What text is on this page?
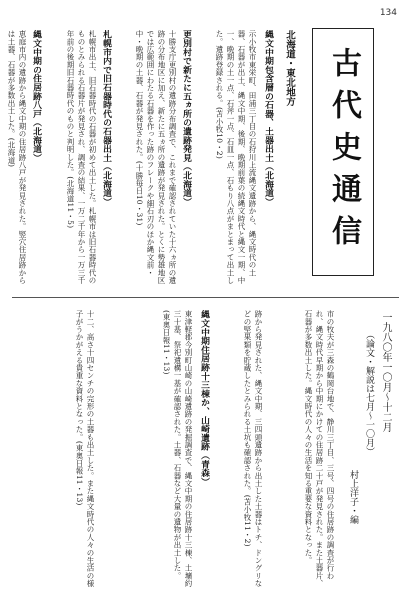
134
古代史通信
北海道・東北地方
縄文中期包含層の石器、土器出土（北海道）
示小牧市東栄町、田浦三丁目の石狩川上流縄文遺跡から、縄文時代の土器、石器が出土、縄文中期、後期、晩期前葉の続縄文時代と縄文一期、中一、晩期の土一点、石斧一点、石皿一点、石もり八点がまとまって出土した。遺跡登録される。(苫小牧10・2)
更別村で新たに五ヵ所の遺跡発見（北海道）
十勝支庁更別村の遺跡分布調査で、これまで確認されていた十六ヵ所の遺跡の分布地区に加え、新たに五ヵ所の遺跡が発見された。とくに勢雄地区では広範囲にわたる石器を作った跡のフレークや細石刃のほか縄文前・中・晩期の土器、石器が発見された。(十勝毎日10・31)
札幌市内で旧石器時代の石器出土（北海道）
札幌市出土、旧石器時代の石器が初めて出土した。札幌市は旧石器時代のものとみられる石器片が発見され、調査の結果、一万二千年から一万三千年前の後期旧石器時代のものと判明した。(北海道11・5)
縄文中期の住居跡八戸（北海道）
恵庭市内の遺跡から縄文中期の住居跡八戸が発見された。竪穴住居跡からは土器、石器が多数出土した。(北海道)
一九八〇年一〇月〜十二月
（論文・解説は七月〜一〇月）
村上洋子・編
市の牧夫が三森の鶴岡台地で、静川三丁目、三号、四号の住居跡の調査が行われ、縄文時代早期から中期にかけての住居跡二十戸が発見された。また土器片、石器が多数出土した。縄文時代の人々の生活を知る重要な資料となった。
跡から発見された、縄文中期、三四頭遺跡から出土した土器はトチ、ドングリなどの堅果類を貯蔵したとみられる土坑も確認された。(苫小牧11・2)
縄文中期住居跡十三棟か、山崎遺跡（青森）
東津軽郡今別町山崎の山崎遺跡の発掘調査で、縄文中期の住居跡十三棟、土壙約三十基、祭祀遺構一基が確認された。土器、石器など大量の遺物が出土した。(東奥日報11・13)
十二、高さ十四センチの完形の土器も出土した。また縄文時代の人々の生活の様子がうかがえる貴重な資料となった。(東奥日報11・13)
